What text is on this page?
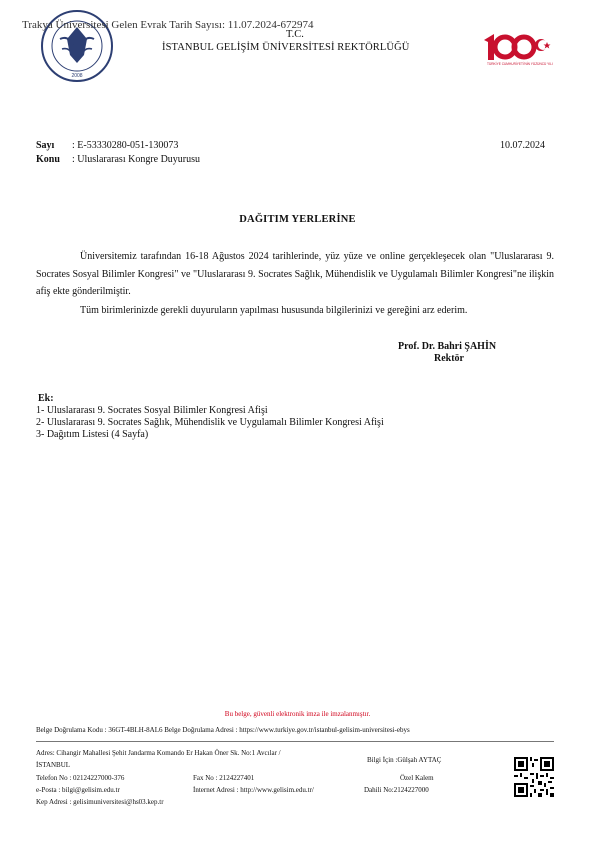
2008
Trakya Üniversitesi Gelen Evrak Tarih Sayısı: 11.07.2024-672974
T.C.
İSTANBUL GELİŞİM ÜNİVERSİTESİ REKTÖRLÜĞÜ
TÜRKİYE CUMHURİYETİ'NİN YÜZÜNCÜ YILI
Sayı : E-53330280-051-130073
Konu : Uluslararası Kongre Duyurusu
10.07.2024
DAĞITIM YERLERİNE

Üniversitemiz tarafından 16-18 Ağustos 2024 tarihlerinde, yüz yüze ve online gerçekleşecek olan "Uluslararası 9. Socrates Sosyal Bilimler Kongresi" ve "Uluslararası 9. Socrates Sağlık, Mühendislik ve Uygulamalı Bilimler Kongresi"ne ilişkin afiş ekte gönderilmiştir.

Tüm birimlerinizde gerekli duyuruların yapılması hususunda bilgilerinizi ve gereğini arz ederim.

Prof. Dr. Bahri ŞAHİN
Rektör
Ek:
1- Uluslararası 9. Socrates Sosyal Bilimler Kongresi Afişi
2- Uluslararası 9. Socrates Sağlık, Mühendislik ve Uygulamalı Bilimler Kongresi Afişi
3- Dağıtım Listesi (4 Sayfa)
Bu belge, güvenli elektronik imza ile imzalanmıştır.
Belge Doğrulama Kodu : 36GT-4BLH-8AL6 Belge Doğrulama Adresi : https://www.turkiye.gov.tr/istanbul-gelisim-universitesi-ebys
Adres: Cihangir Mahallesi Şehit Jandarma Komando Er Hakan Öner Sk. No:1 Avcılar /
İSTANBUL
Telefon No : 02124227000-376	Fax No : 2124227401
e-Posta : bilgi@gelisim.edu.tr	İnternet Adresi : http://www.gelisim.edu.tr/
Kep Adresi : gelisimuniversitesi@hs03.kep.tr
Bilgi İçin :Gülşah AYTAÇ
Özel Kalem
Dahili No:2124227000
